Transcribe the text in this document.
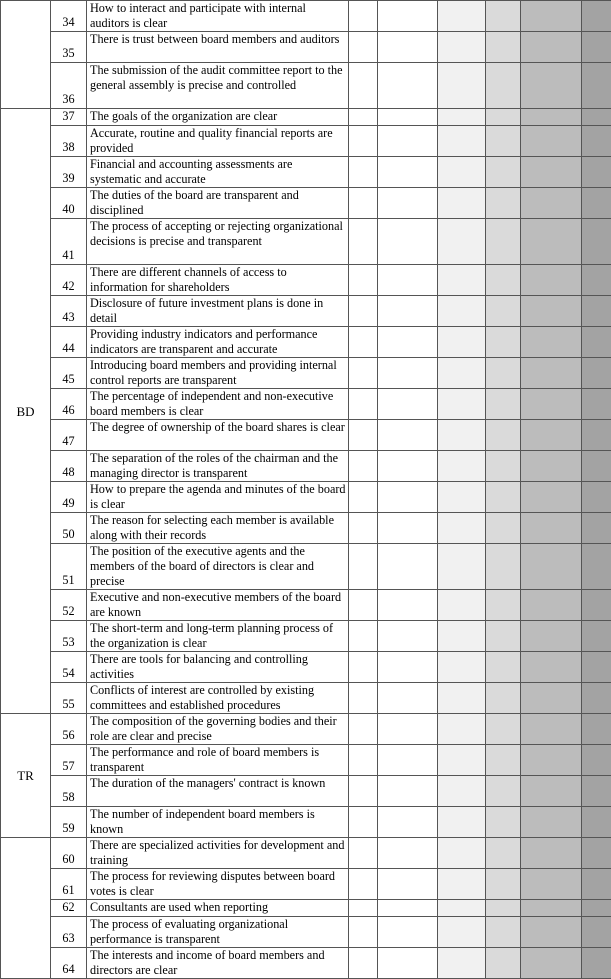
	34	How to interact and participate with internal auditors is clear						
	35	There is trust between board members and auditors						
	36	The submission of the audit committee report to the general assembly is precise and controlled						
BD	37	The goals of the organization are clear						
	38	Accurate, routine and quality financial reports are provided						
	39	Financial and accounting assessments are systematic and accurate						
	40	The duties of the board are transparent and disciplined						
	41	The process of accepting or rejecting organizational decisions is precise and transparent						
	42	There are different channels of access to information for shareholders						
	43	Disclosure of future investment plans is done in detail						
	44	Providing industry indicators and performance indicators are transparent and accurate						
	45	Introducing board members and providing internal control reports are transparent						
	46	The percentage of independent and non-executive board members is clear						
	47	The degree of ownership of the board shares is clear						
	48	The separation of the roles of the chairman and the managing director is transparent						
	49	How to prepare the agenda and minutes of the board is clear						
	50	The reason for selecting each member is available along with their records						
	51	The position of the executive agents and the members of the board of directors is clear and precise						
	52	Executive and non-executive members of the board are known						
	53	The short-term and long-term planning process of the organization is clear						
	54	There are tools for balancing and controlling activities						
	55	Conflicts of interest are controlled by existing committees and established procedures						
TR	56	The composition of the governing bodies and their role are clear and precise						
	57	The performance and role of board members is transparent						
	58	The duration of the managers' contract is known						
	59	The number of independent board members is known						
	60	There are specialized activities for development and training						
	61	The process for reviewing disputes between board votes is clear						
	62	Consultants are used when reporting						
	63	The process of evaluating organizational performance is transparent						
	64	The interests and income of board members and directors are clear						
